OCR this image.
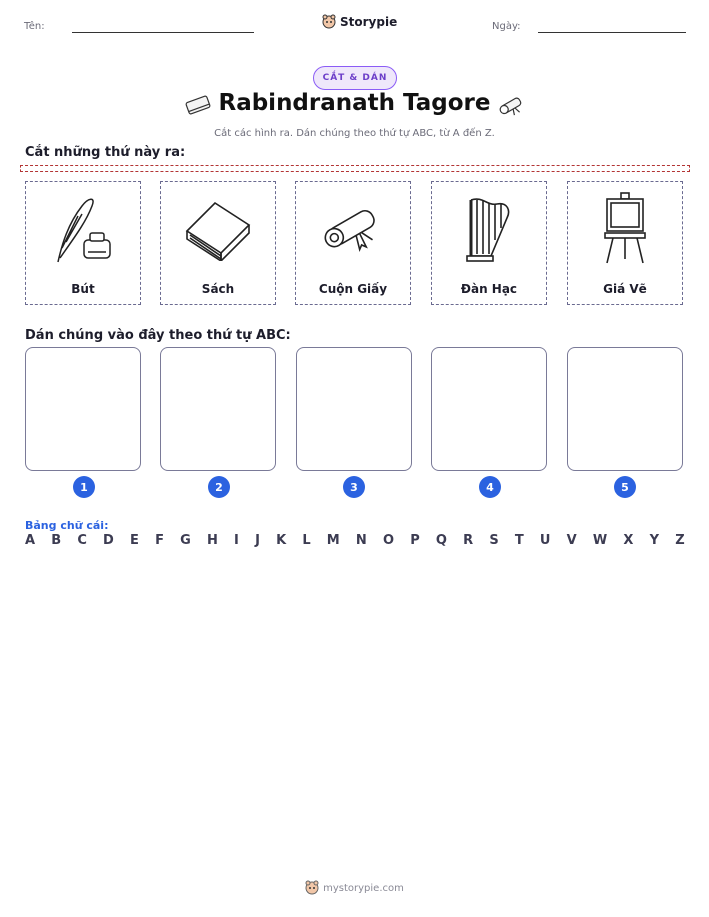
Tên:	Storypie	Ngày:
CẮT & DÁN
Rabindranath Tagore
Cắt các hình ra. Dán chúng theo thứ tự ABC, từ A đến Z.
Cắt những thứ này ra:
Bút	Sách	Cuộn Giấy	Đàn Hạc	Giá Vẽ
Dán chúng vào đây theo thứ tự ABC:
1	2	3	4	5
Bảng chữ cái:
A B C D E F G H I J K L M N O P Q R S T U V W X Y Z
mystorypie.com
